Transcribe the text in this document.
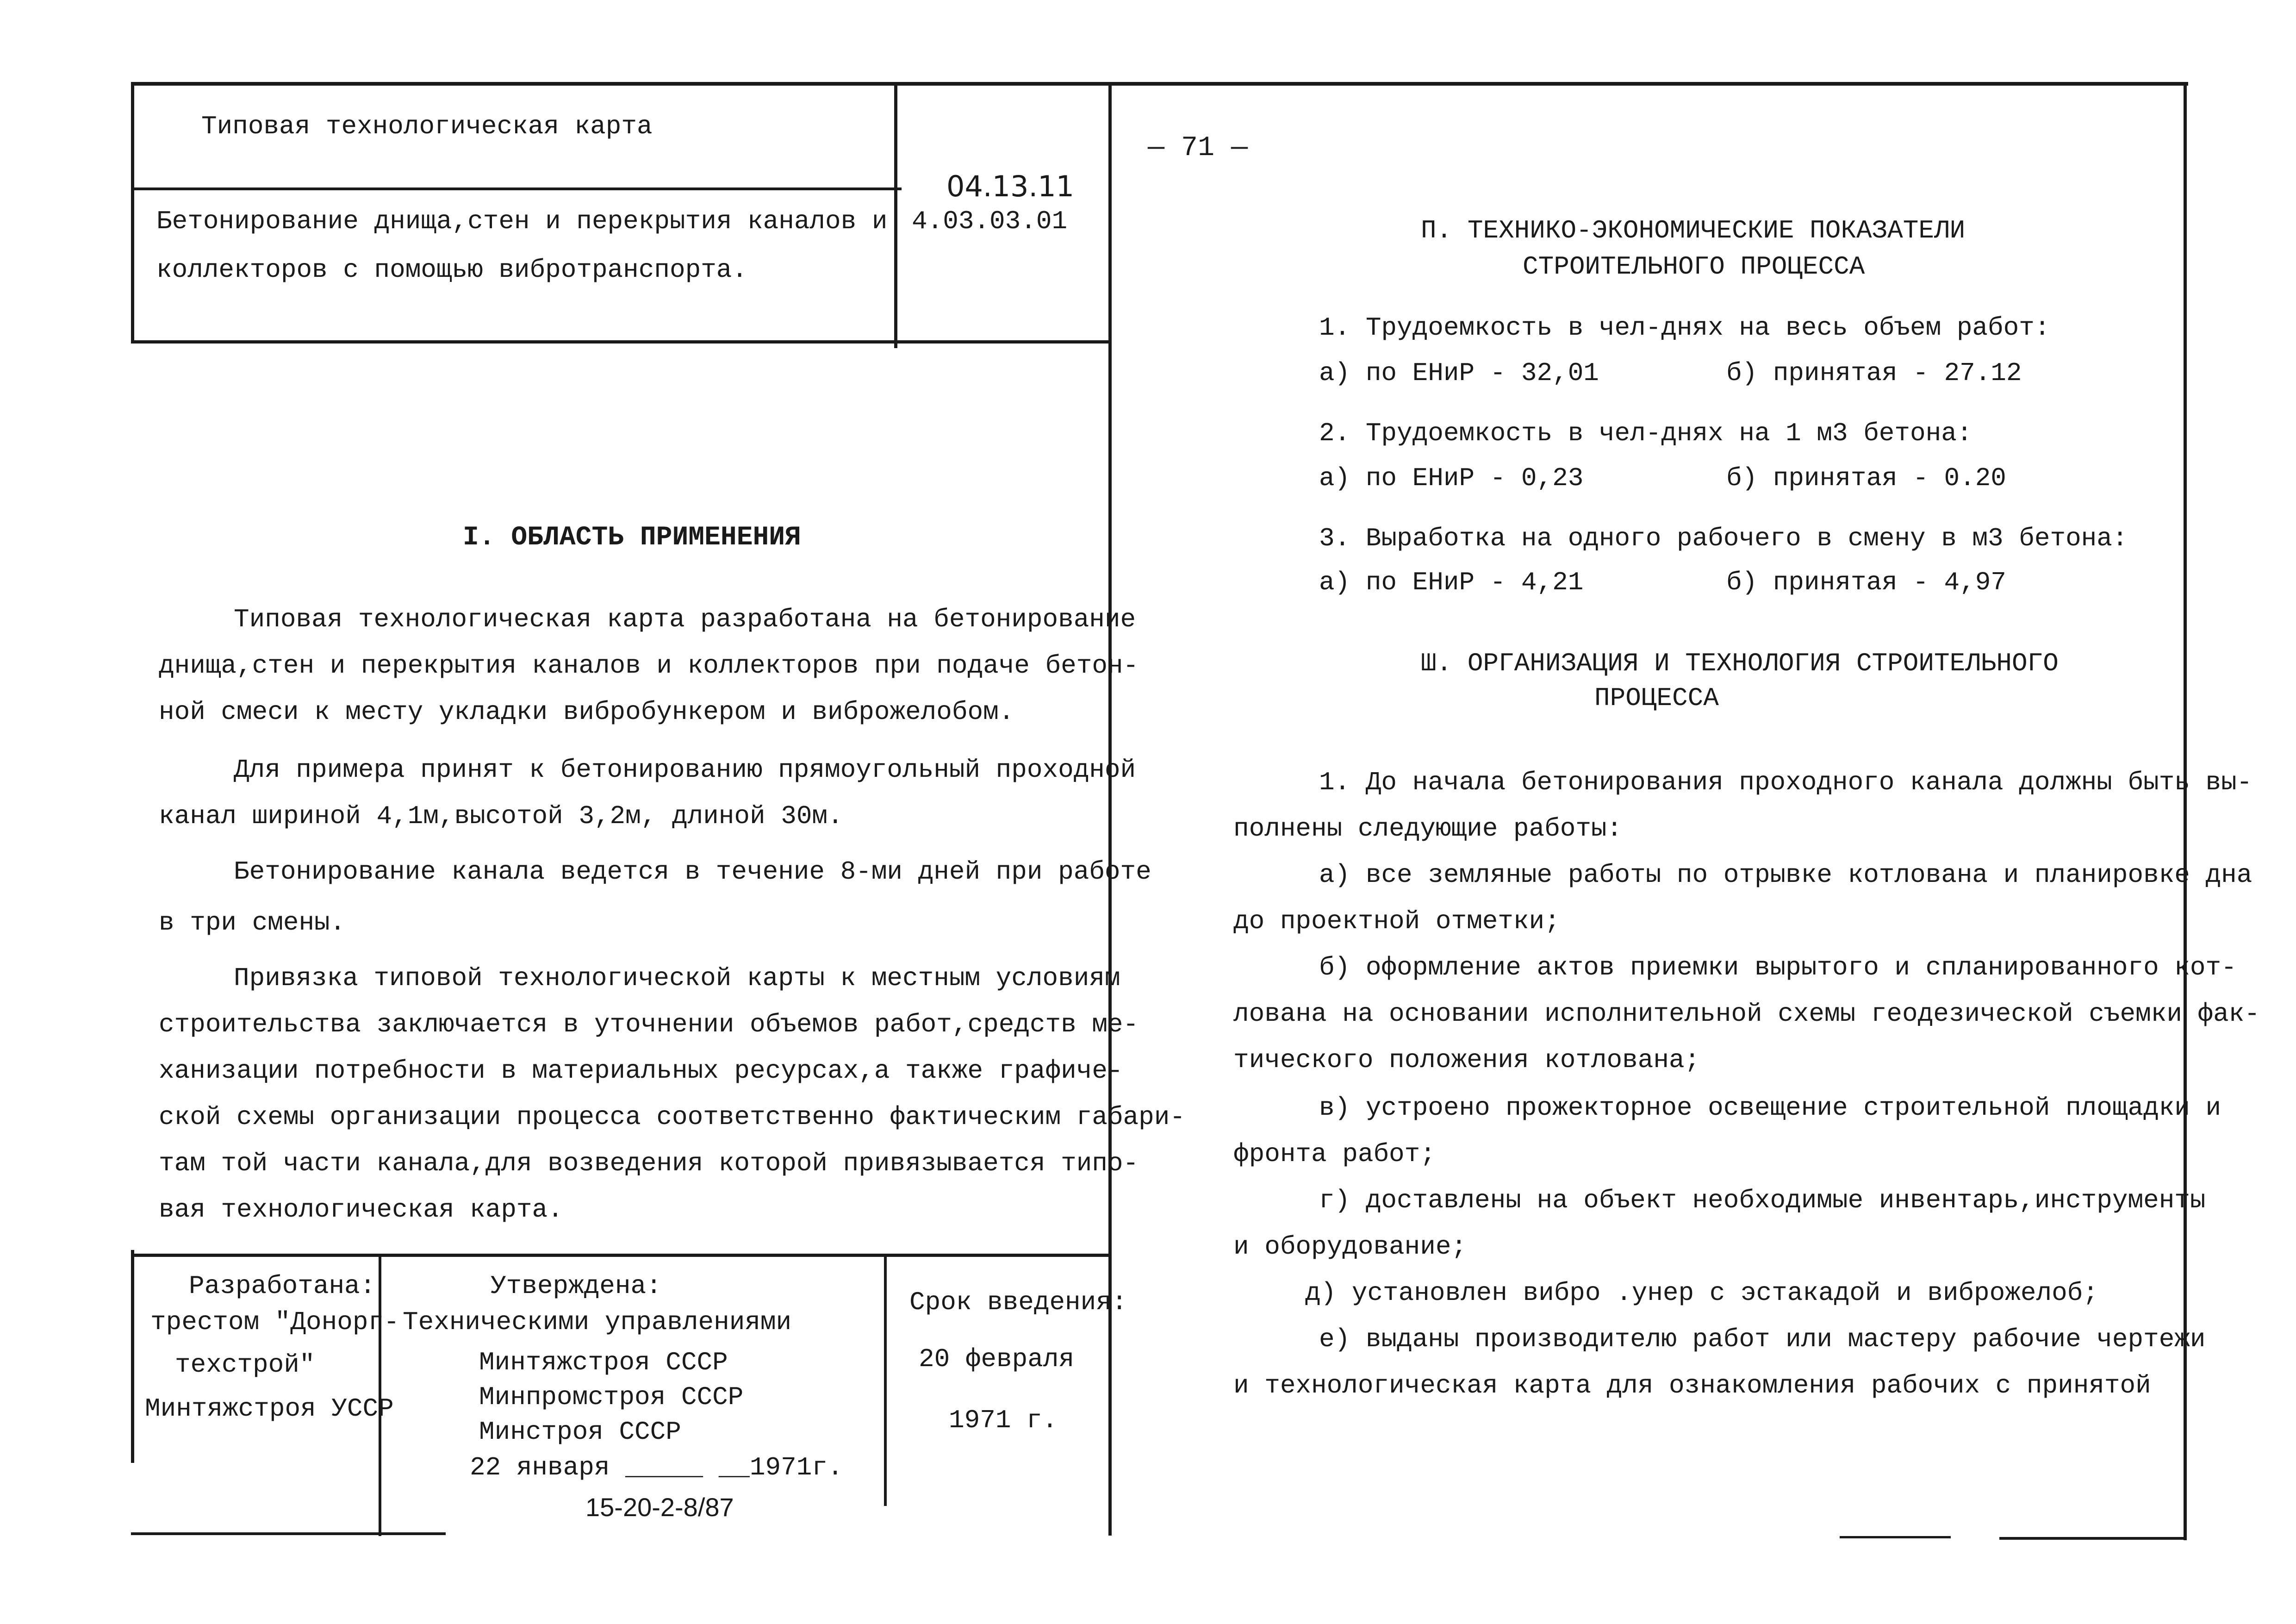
Типовая технологическая карта
Бетонирование днища,стен и перекрытия каналов и
коллекторов с помощью вибротранспорта.
04.13.11
4.03.03.01
— 71 —
I. ОБЛАСТЬ ПРИМЕНЕНИЯ
Типовая технологическая карта разработана на бетонирование
днища,стен и перекрытия каналов и коллекторов при подаче бетон-
ной смеси к месту укладки вибробункером и виброжелобом.
Для примера принят к бетонированию прямоугольный проходной
канал шириной 4,1м,высотой 3,2м, длиной 30м.
Бетонирование канала ведется в течение 8-ми дней при работе
в три смены.
Привязка типовой технологической карты к местным условиям
строительства заключается в уточнении объемов работ,средств ме-
ханизации потребности в материальных ресурсах,а также графиче-
ской схемы организации процесса соответственно фактическим габари-
там той части канала,для возведения которой привязывается типо-
вая технологическая карта.
Разработана:
трестом "Донорг-
техстрой"
Минтяжстроя УССР
Утверждена:
Техническими управлениями
Минтяжстроя СССР
Минпромстроя СССР
Минстроя СССР
22 января _____ __1971г.
15-20-2-8/87
Срок введения:
20 февраля
1971 г.
П. ТЕХНИКО-ЭКОНОМИЧЕСКИЕ ПОКАЗАТЕЛИ
СТРОИТЕЛЬНОГО ПРОЦЕССА
1. Трудоемкость в чел-днях на весь объем работ:
а) по ЕНиР - 32,01	б) принятая - 27.12
2. Трудоемкость в чел-днях на 1 м3 бетона:
а) по ЕНиР - 0,23	б) принятая - 0.20
3. Выработка на одного рабочего в смену в м3 бетона:
а) по ЕНиР - 4,21	б) принятая - 4,97
Ш. ОРГАНИЗАЦИЯ И ТЕХНОЛОГИЯ СТРОИТЕЛЬНОГО
ПРОЦЕССА
1. До начала бетонирования проходного канала должны быть вы-
полнены следующие работы:
а) все земляные работы по отрывке котлована и планировке дна
до проектной отметки;
б) оформление актов приемки вырытого и спланированного кот-
лована на основании исполнительной схемы геодезической съемки фак-
тического положения котлована;
в) устроено прожекторное освещение строительной площадки и
фронта работ;
г) доставлены на объект необходимые инвентарь,инструменты
и оборудование;
д) установлен вибро .унер с эстакадой и виброжелоб;
е) выданы производителю работ или мастеру рабочие чертежи
и технологическая карта для ознакомления рабочих с принятой
